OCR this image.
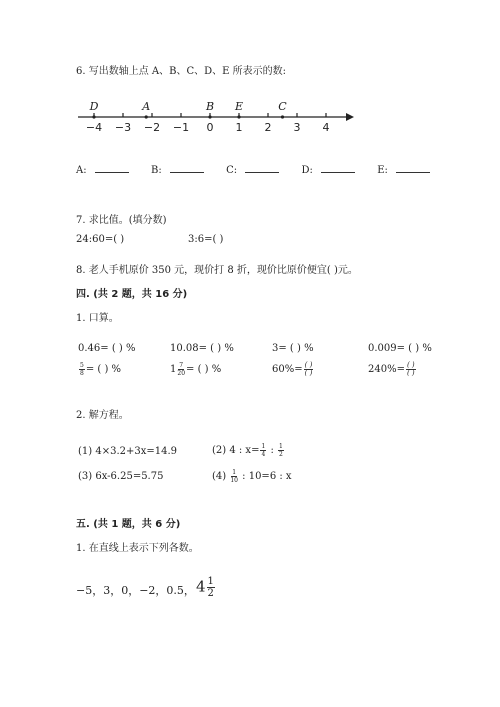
6. 写出数轴上点 A、B、C、D、E 所表示的数:
−4 −3 −2 −1 0 1 2 3 4
D	A	B E	C
A:	B:	C:	D:	E:
7. 求比值。(填分数)
24:60=( )	3:6=( )
8. 老人手机原价 350 元，现价打 8 折，现价比原价便宜( )元。
四. (共 2 题，共 16 分)
1. 口算。
0.46= ( ) %	10.08= ( ) %	3= ( ) %	0.009= ( ) %
$\frac{5}{8}$ = ( ) %	$1 \frac{7}{20}$ = ( ) %	$60\%= \frac{( )}{( )}$	$240\%= \frac{( )}{( )}$
2. 解方程。
(1) 4×3.2+3x=14.9	(2) 4 : $x= \frac{1}{4}$ : $\frac{1}{2}$
(3) 6x-6.25=5.75	$(4) \frac{1}{10}$ : 10=6 : x
五. (共 1 题，共 6 分)
1. 在直线上表示下列各数。
−5，3，0，−2，0.5， $4 \frac{1}{2}$
